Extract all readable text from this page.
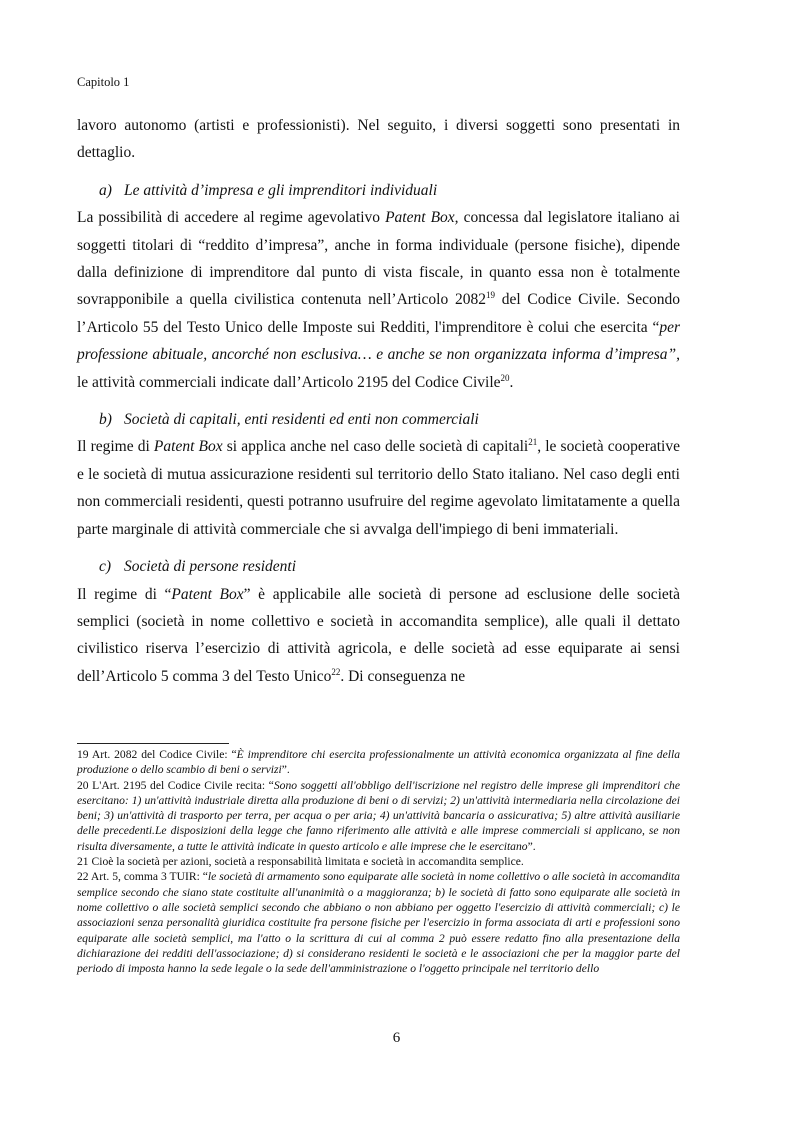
Capitolo 1

lavoro autonomo (artisti e professionisti). Nel seguito, i diversi soggetti sono presentati in dettaglio.

a) Le attività d’impresa e gli imprenditori individuali

La possibilità di accedere al regime agevolativo Patent Box, concessa dal legislatore italiano ai soggetti titolari di “reddito d’impresa”, anche in forma individuale (persone fisiche), dipende dalla definizione di imprenditore dal punto di vista fiscale, in quanto essa non è totalmente sovrapponibile a quella civilistica contenuta nell’Articolo 2082$^{19}$ del Codice Civile. Secondo l’Articolo 55 del Testo Unico delle Imposte sui Redditi, l'imprenditore è colui che esercita “per professione abituale, ancorché non esclusiva… e anche se non organizzata informa d’impresa”, le attività commerciali indicate dall’Articolo 2195 del Codice Civile$^{20}$.

b) Società di capitali, enti residenti ed enti non commerciali

Il regime di Patent Box si applica anche nel caso delle società di capitali$^{21}$, le società cooperative e le società di mutua assicurazione residenti sul territorio dello Stato italiano. Nel caso degli enti non commerciali residenti, questi potranno usufruire del regime agevolato limitatamente a quella parte marginale di attività commerciale che si avvalga dell'impiego di beni immateriali.

c) Società di persone residenti

Il regime di “Patent Box” è applicabile alle società di persone ad esclusione delle società semplici (società in nome collettivo e società in accomandita semplice), alle quali il dettato civilistico riserva l’esercizio di attività agricola, e delle società ad esse equiparate ai sensi dell’Articolo 5 comma 3 del Testo Unico$^{22}$. Di conseguenza ne

19 Art. 2082 del Codice Civile: “È imprenditore chi esercita professionalmente un attività economica organizzata al fine della produzione o dello scambio di beni o servizi”.

20 L'Art. 2195 del Codice Civile recita: “Sono soggetti all'obbligo dell'iscrizione nel registro delle imprese gli imprenditori che esercitano: 1) un'attività industriale diretta alla produzione di beni o di servizi; 2) un'attività intermediaria nella circolazione dei beni; 3) un'attività di trasporto per terra, per acqua o per aria; 4) un'attività bancaria o assicurativa; 5) altre attività ausiliarie delle precedenti.Le disposizioni della legge che fanno riferimento alle attività e alle imprese commerciali si applicano, se non risulta diversamente, a tutte le attività indicate in questo articolo e alle imprese che le esercitano”.

21 Cioè la società per azioni, società a responsabilità limitata e società in accomandita semplice.

22 Art. 5, comma 3 TUIR: “le società di armamento sono equiparate alle società in nome collettivo o alle società in accomandita semplice secondo che siano state costituite all'unanimità o a maggioranza; b) le società di fatto sono equiparate alle società in nome collettivo o alle società semplici secondo che abbiano o non abbiano per oggetto l'esercizio di attività commerciali; c) le associazioni senza personalità giuridica costituite fra persone fisiche per l'esercizio in forma associata di arti e professioni sono equiparate alle società semplici, ma l'atto o la scrittura di cui al comma 2 può essere redatto fino alla presentazione della dichiarazione dei redditi dell'associazione; d) si considerano residenti le società e le associazioni che per la maggior parte del periodo di imposta hanno la sede legale o la sede dell'amministrazione o l'oggetto principale nel territorio dello

6
